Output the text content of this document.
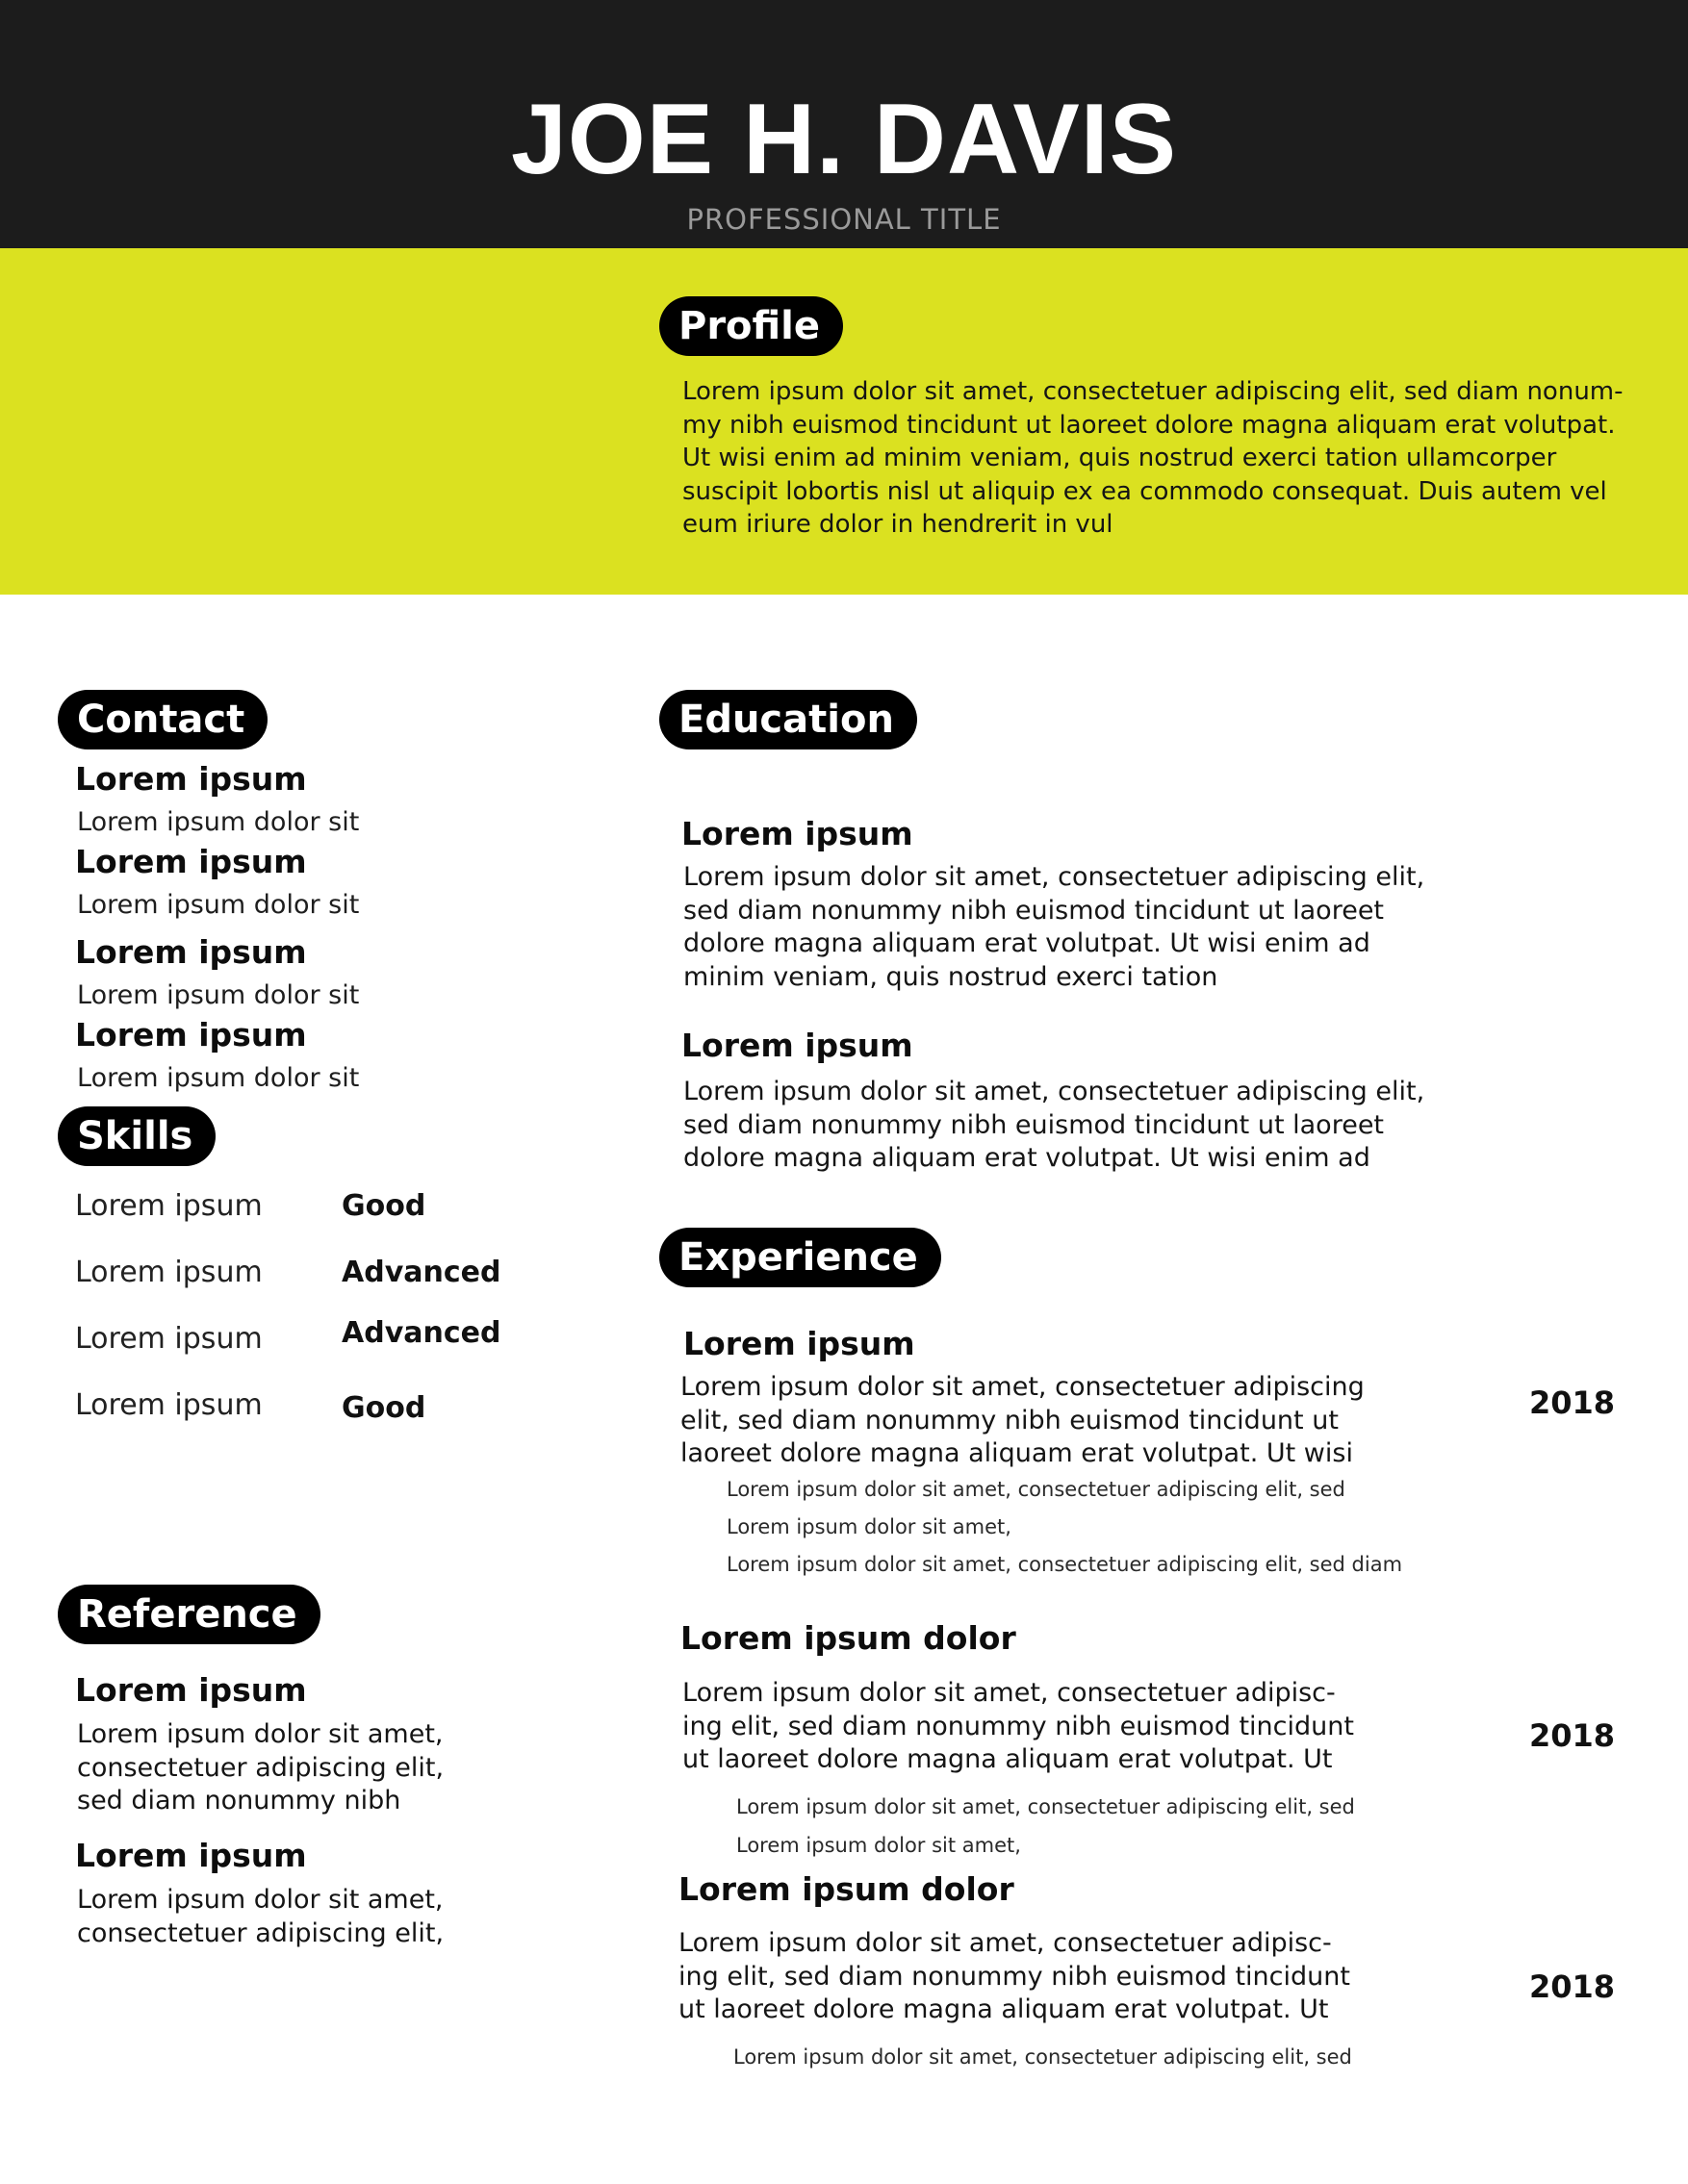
JOE H. DAVIS
PROFESSIONAL TITLE
Profile
Lorem ipsum dolor sit amet, consectetuer adipiscing elit, sed diam nonum-
my nibh euismod tincidunt ut laoreet dolore magna aliquam erat volutpat.
Ut wisi enim ad minim veniam, quis nostrud exerci tation ullamcorper
suscipit lobortis nisl ut aliquip ex ea commodo consequat. Duis autem vel
eum iriure dolor in hendrerit in vul
Contact
Lorem ipsum
Lorem ipsum dolor sit
Lorem ipsum
Lorem ipsum dolor sit
Lorem ipsum
Lorem ipsum dolor sit
Lorem ipsum
Lorem ipsum dolor sit
Skills
Lorem ipsum	Good
Lorem ipsum	Advanced
Lorem ipsum	Advanced
Lorem ipsum	Good
Reference
Lorem ipsum
Lorem ipsum dolor sit amet,
consectetuer adipiscing elit,
sed diam nonummy nibh
Lorem ipsum
Lorem ipsum dolor sit amet,
consectetuer adipiscing elit,
Education
Lorem ipsum
Lorem ipsum dolor sit amet, consectetuer adipiscing elit,
sed diam nonummy nibh euismod tincidunt ut laoreet
dolore magna aliquam erat volutpat. Ut wisi enim ad
minim veniam, quis nostrud exerci tation
Lorem ipsum
Lorem ipsum dolor sit amet, consectetuer adipiscing elit,
sed diam nonummy nibh euismod tincidunt ut laoreet
dolore magna aliquam erat volutpat. Ut wisi enim ad
Experience
Lorem ipsum
Lorem ipsum dolor sit amet, consectetuer adipiscing
elit, sed diam nonummy nibh euismod tincidunt ut
laoreet dolore magna aliquam erat volutpat. Ut wisi
2018
Lorem ipsum dolor sit amet, consectetuer adipiscing elit, sed
Lorem ipsum dolor sit amet,
Lorem ipsum dolor sit amet, consectetuer adipiscing elit, sed diam
Lorem ipsum dolor
Lorem ipsum dolor sit amet, consectetuer adipisc-
ing elit, sed diam nonummy nibh euismod tincidunt
ut laoreet dolore magna aliquam erat volutpat. Ut
2018
Lorem ipsum dolor sit amet, consectetuer adipiscing elit, sed
Lorem ipsum dolor sit amet,
Lorem ipsum dolor
Lorem ipsum dolor sit amet, consectetuer adipisc-
ing elit, sed diam nonummy nibh euismod tincidunt
ut laoreet dolore magna aliquam erat volutpat. Ut
2018
Lorem ipsum dolor sit amet, consectetuer adipiscing elit, sed
